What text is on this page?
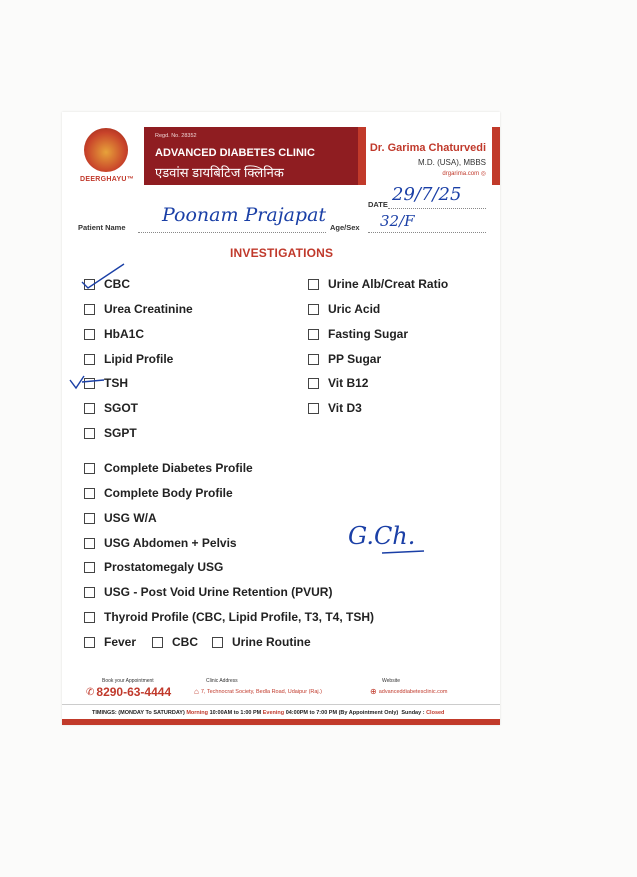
DEERGHAYU™
Regd. No. 28352
ADVANCED DIABETES CLINIC
एडवांस डायबिटिज क्लिनिक
Dr. Garima Chaturvedi
M.D. (USA), MBBS
drgarima.com ◎
DATE 29/7/25
Patient Name
Poonam Prajapat
Age/Sex 32/F
INVESTIGATIONS
CBC
Urea Creatinine
HbA1C
Lipid Profile
TSH
SGOT
SGPT
Urine Alb/Creat Ratio
Uric Acid
Fasting Sugar
PP Sugar
Vit B12
Vit D3
Complete Diabetes Profile
Complete Body Profile
USG W/A
USG Abdomen + Pelvis
Prostatomegaly USG
USG - Post Void Urine Retention (PVUR)
Thyroid Profile (CBC, Lipid Profile, T3, T4, TSH)
Fever	CBC	Urine Routine
G.Ch.
Book your Appointment
✆ 8290-63-4444
Clinic Address
⌂ 7, Technocrat Society, Bedla Road, Udaipur (Raj.)
Website
⊕ advanceddiabetesclinic.com
TIMINGS: (MONDAY To SATURDAY)
Morning
10:00AM to 1:00 PM
Evening
04:00PM to 7:00 PM (By Appointment Only)
Sunday :
Closed
